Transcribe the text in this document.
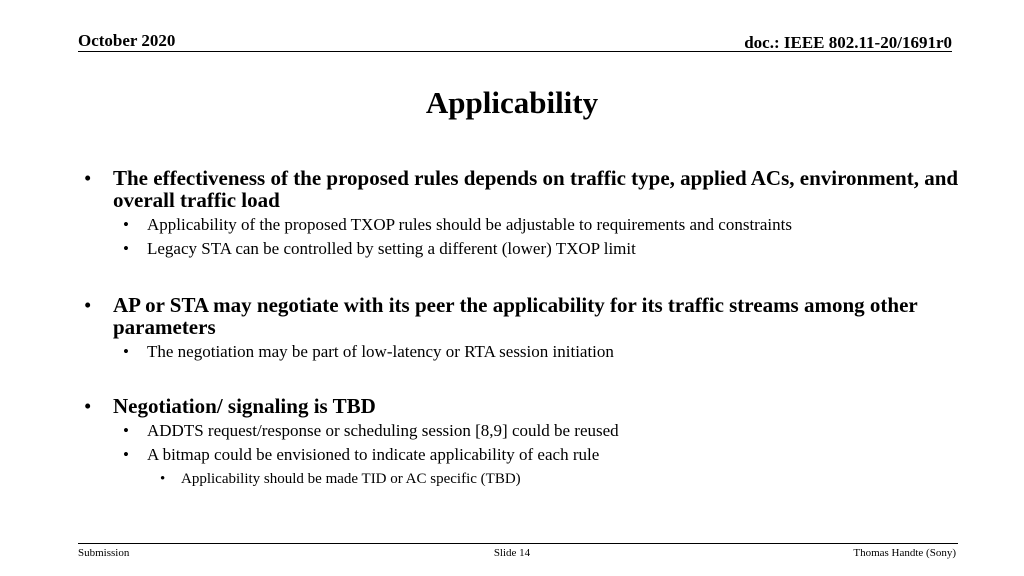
October 2020	doc.: IEEE 802.11-20/1691r0
Applicability
• The effectiveness of the proposed rules depends on traffic type, applied ACs, environment, and overall traffic load
• Applicability of the proposed TXOP rules should be adjustable to requirements and constraints
• Legacy STA can be controlled by setting a different (lower) TXOP limit
• AP or STA may negotiate with its peer the applicability for its traffic streams among other parameters
• The negotiation may be part of low-latency or RTA session initiation
• Negotiation/ signaling is TBD
• ADDTS request/response or scheduling session [8,9] could be reused
• A bitmap could be envisioned to indicate applicability of each rule
• Applicability should be made TID or AC specific (TBD)
Submission	Slide 14	Thomas Handte (Sony)
